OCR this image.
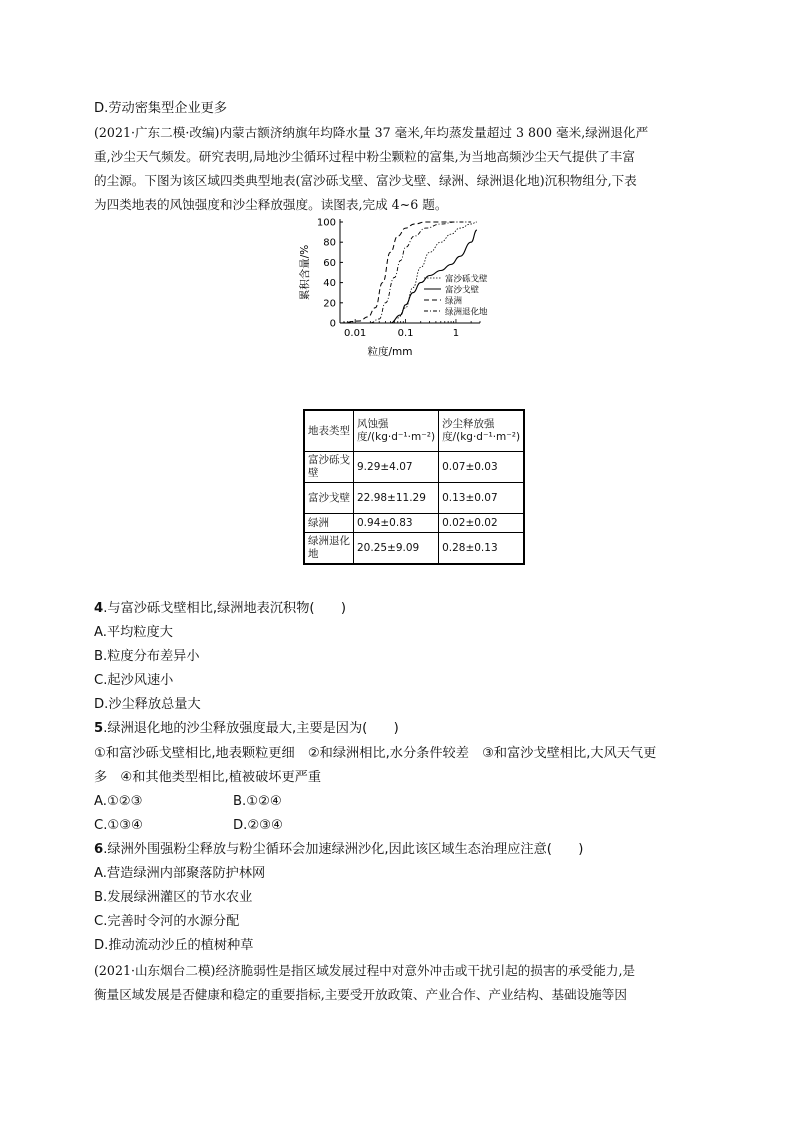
D.劳动密集型企业更多
(2021·广东二模·改编)内蒙古额济纳旗年均降水量 37 毫米,年均蒸发量超过 3 800 毫米,绿洲退化严
重,沙尘天气频发。研究表明,局地沙尘循环过程中粉尘颗粒的富集,为当地高频沙尘天气提供了丰富
的尘源。下图为该区域四类典型地表(富沙砾戈壁、富沙戈壁、绿洲、绿洲退化地)沉积物组分,下表
为四类地表的风蚀强度和沙尘释放强度。读图表,完成 4~6 题。
0
20
40
60
80
100
0.01	0.1	1
粒度/mm
累积含量/%	富沙砾戈壁
富沙戈壁
绿洲
绿洲退化地
地表类型	风蚀强度/(kg·d⁻¹·m⁻²)	沙尘释放强度/(kg·d⁻¹·m⁻²)
富沙砾戈壁	9.29±4.07	0.07±0.03
富沙戈壁	22.98±11.29	0.13±0.07
绿洲	0.94±0.83	0.02±0.02
绿洲退化地	20.25±9.09	0.28±0.13
4.与富沙砾戈壁相比,绿洲地表沉积物(　　)
A.平均粒度大
B.粒度分布差异小
C.起沙风速小
D.沙尘释放总量大
5.绿洲退化地的沙尘释放强度最大,主要是因为(　　)
①和富沙砾戈壁相比,地表颗粒更细　②和绿洲相比,水分条件较差　③和富沙戈壁相比,大风天气更
多　④和其他类型相比,植被破坏更严重
A.①②③	B.①②④
C.①③④	D.②③④
6.绿洲外围强粉尘释放与粉尘循环会加速绿洲沙化,因此该区域生态治理应注意(　　)
A.营造绿洲内部聚落防护林网
B.发展绿洲灌区的节水农业
C.完善时令河的水源分配
D.推动流动沙丘的植树种草
(2021·山东烟台二模)经济脆弱性是指区域发展过程中对意外冲击或干扰引起的损害的承受能力,是
衡量区域发展是否健康和稳定的重要指标,主要受开放政策、产业合作、产业结构、基础设施等因
